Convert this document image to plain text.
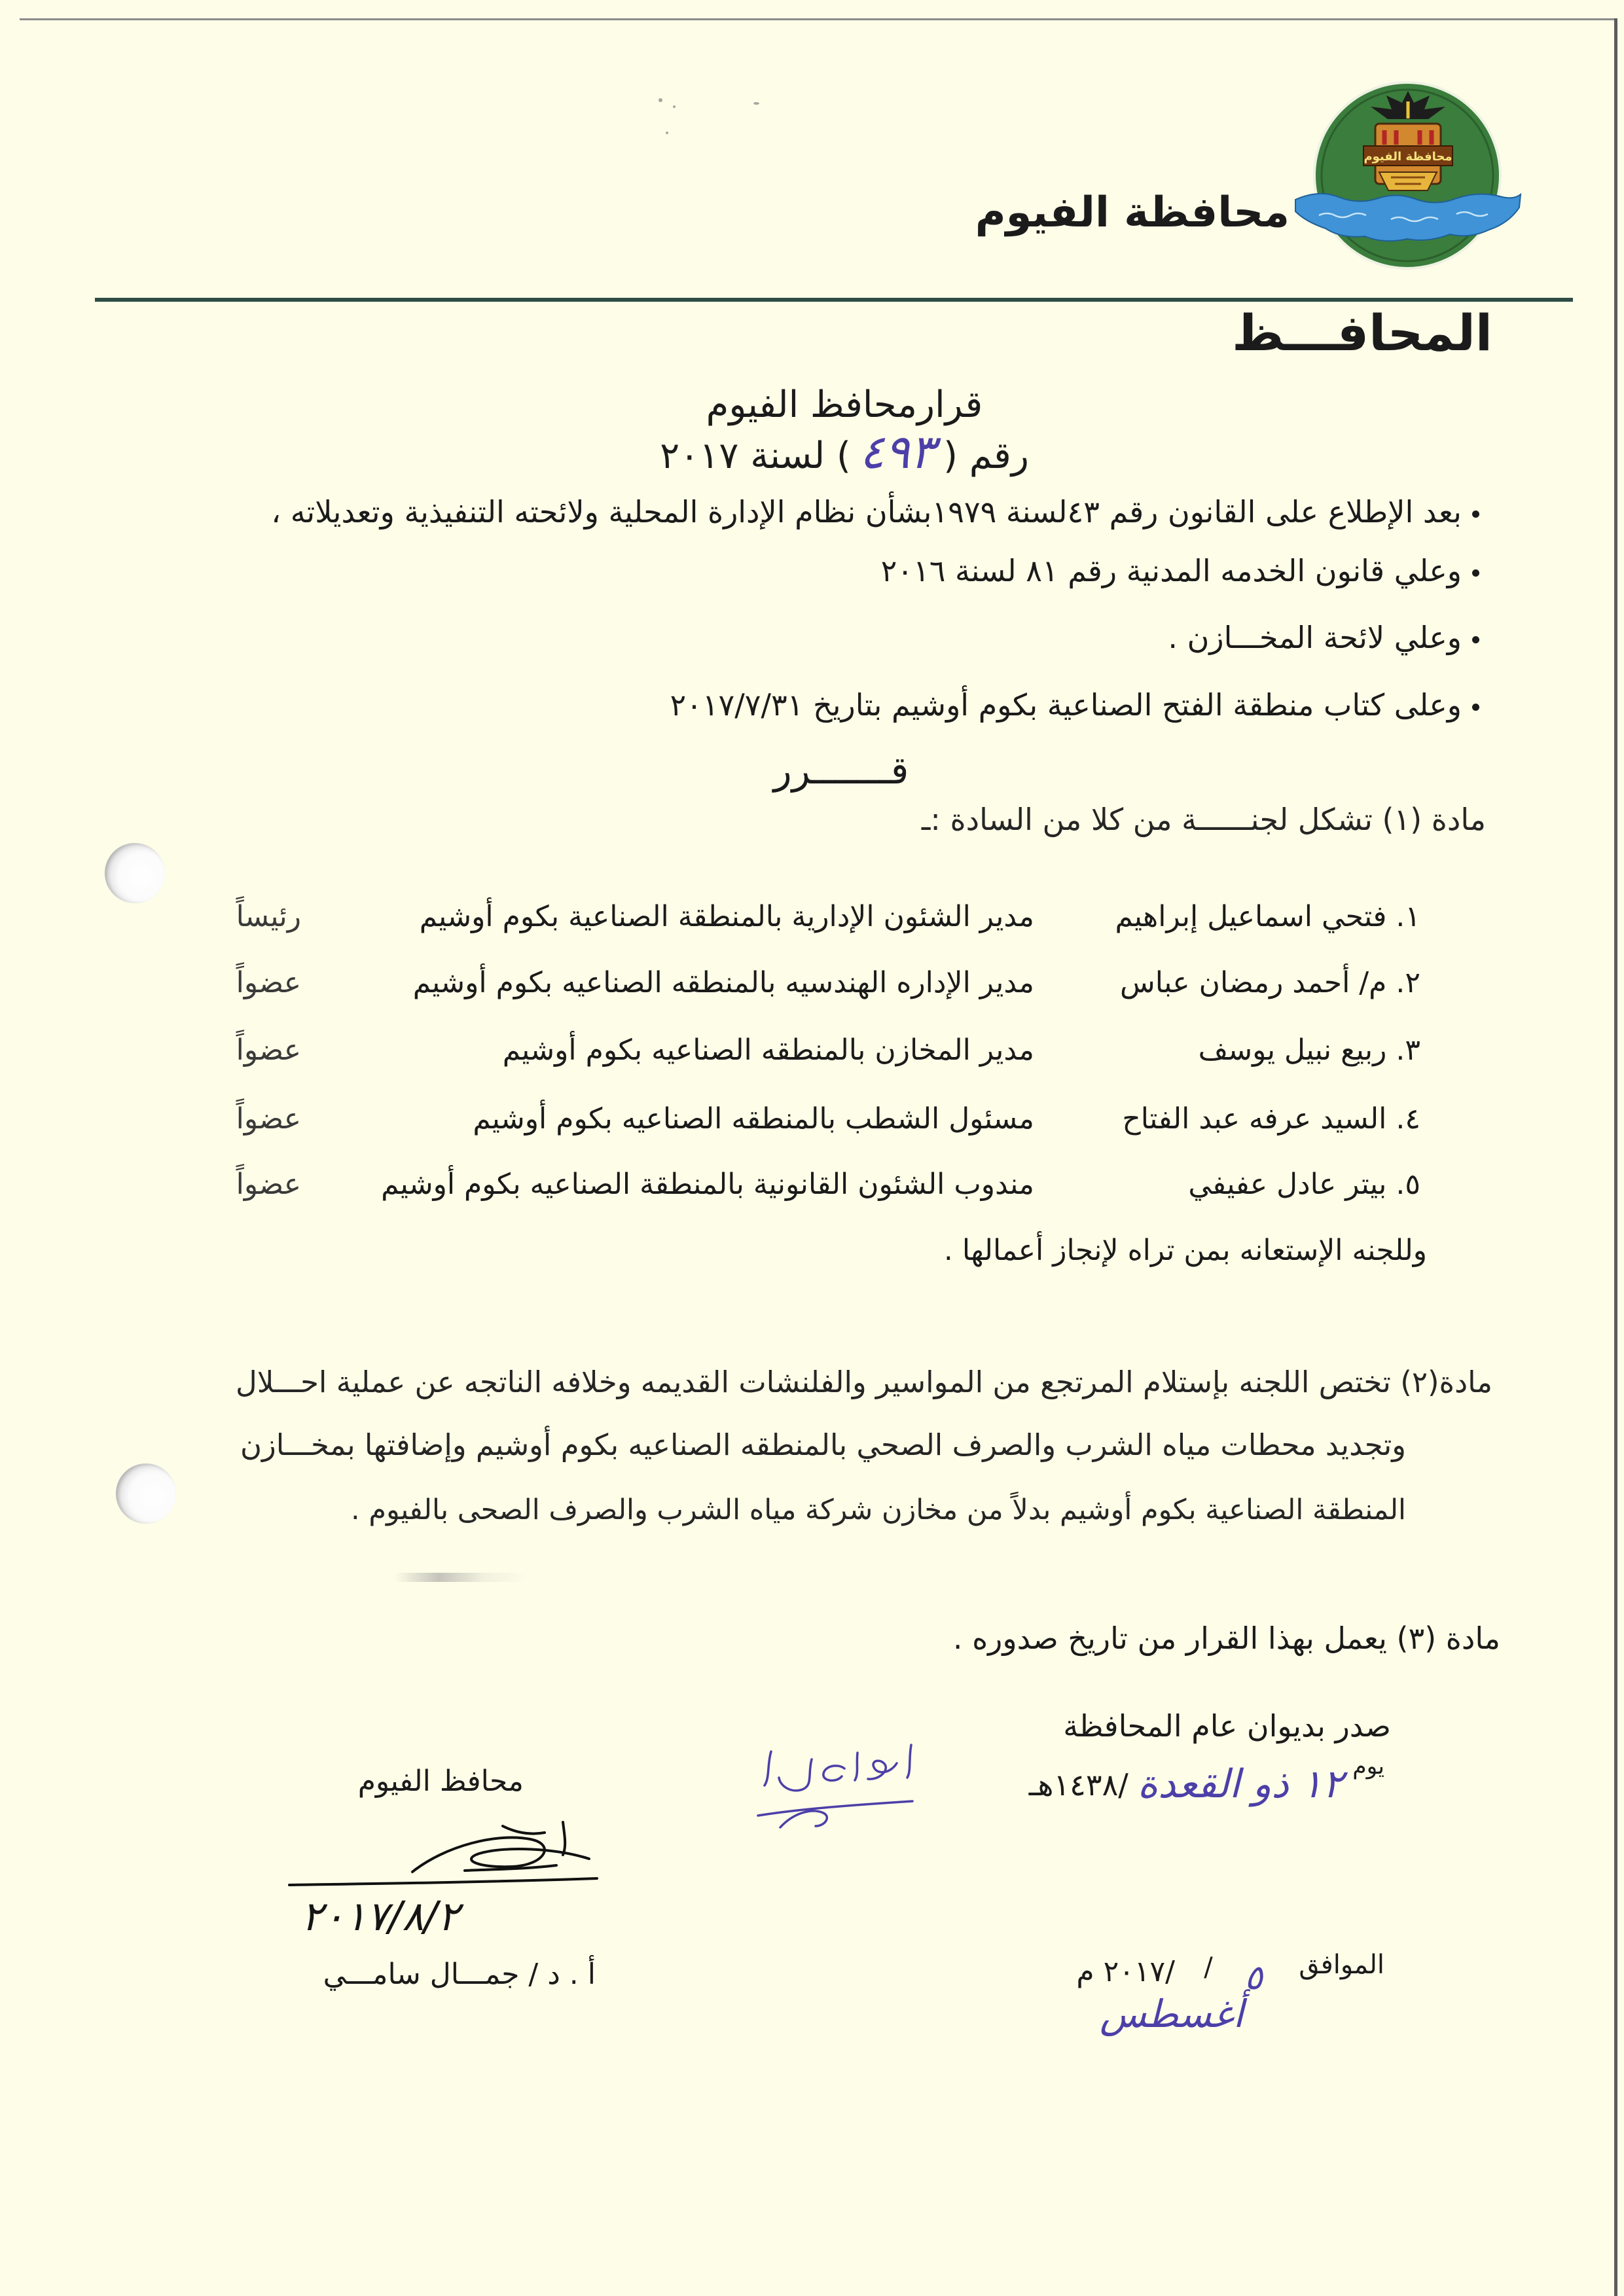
محافظة الفيوم
محافظة الفيوم
المحافـــظ
قرارمحافظ الفيوم
رقم (٤٩٣) لسنة ٢٠١٧
بعد الإطلاع على القانون رقم ٤٣لسنة ١٩٧٩بشأن نظام الإدارة المحلية ولائحته التنفيذية وتعديلاته ،
وعلي قانون الخدمه المدنية رقم ٨١ لسنة ٢٠١٦
وعلي لائحة المخـــازن .
وعلى كتاب منطقة الفتح الصناعية بكوم أوشيم بتاريخ ٢٠١٧/٧/٣١
قـــــــرر
مادة (١) تشكل لجنــــــة من كلا من السادة :ـ
١. فتحي اسماعيل إبراهيم
مدير الشئون الإدارية بالمنطقة الصناعية بكوم أوشيم
رئيساً
٢. م/ أحمد رمضان عباس
مدير الإداره الهندسيه بالمنطقه الصناعيه بكوم أوشيم
عضواً
٣. ربيع نبيل يوسف
مدير المخازن بالمنطقه الصناعيه بكوم أوشيم
عضواً
٤. السيد عرفه عبد الفتاح
مسئول الشطب بالمنطقه الصناعيه بكوم أوشيم
عضواً
٥. بيتر عادل عفيفي
مندوب الشئون القانونية بالمنطقة الصناعيه بكوم أوشيم
عضواً
وللجنه الإستعانه بمن تراه لإنجاز أعمالها .
مادة(٢) تختص اللجنه بإستلام المرتجع من المواسير والفلنشات القديمه وخلافه الناتجه عن عملية احـــلال
وتجديد محطات مياه الشرب والصرف الصحي بالمنطقه الصناعيه بكوم أوشيم وإضافتها بمخـــازن
المنطقة الصناعية بكوم أوشيم بدلاً من مخازن شركة مياه الشرب والصرف الصحى بالفيوم .
مادة (٣) يعمل بهذا القرار من تاريخ صدوره .
صدر بديوان عام المحافظة
يوم
١٢ ذو القعدة
/١٤٣٨هـ
الموافق
٥
/
أغسطس
/٢٠١٧ م
محافظ الفيوم
٢٠١٧/٨/٢
أ . د / جمـــال سامـــي
